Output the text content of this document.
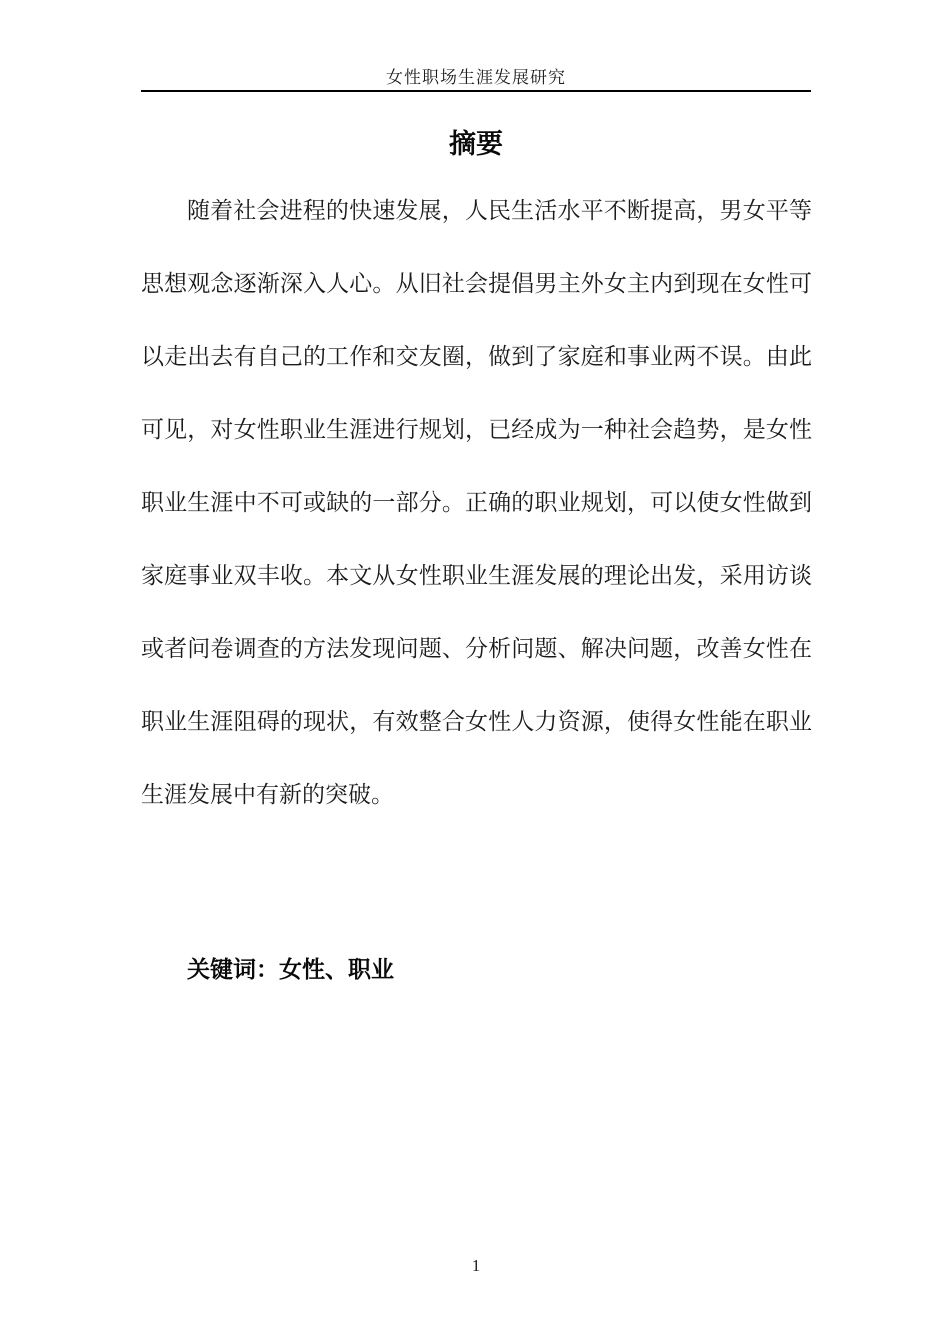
女性职场生涯发展研究
摘要
随着社会进程的快速发展，人民生活水平不断提高，男女平等
思想观念逐渐深入人心。从旧社会提倡男主外女主内到现在女性可
以走出去有自己的工作和交友圈，做到了家庭和事业两不误。由此
可见，对女性职业生涯进行规划，已经成为一种社会趋势，是女性
职业生涯中不可或缺的一部分。正确的职业规划，可以使女性做到
家庭事业双丰收。本文从女性职业生涯发展的理论出发，采用访谈
或者问卷调查的方法发现问题、分析问题、解决问题，改善女性在
职业生涯阻碍的现状，有效整合女性人力资源，使得女性能在职业
生涯发展中有新的突破。
关键词：女性、职业
1
